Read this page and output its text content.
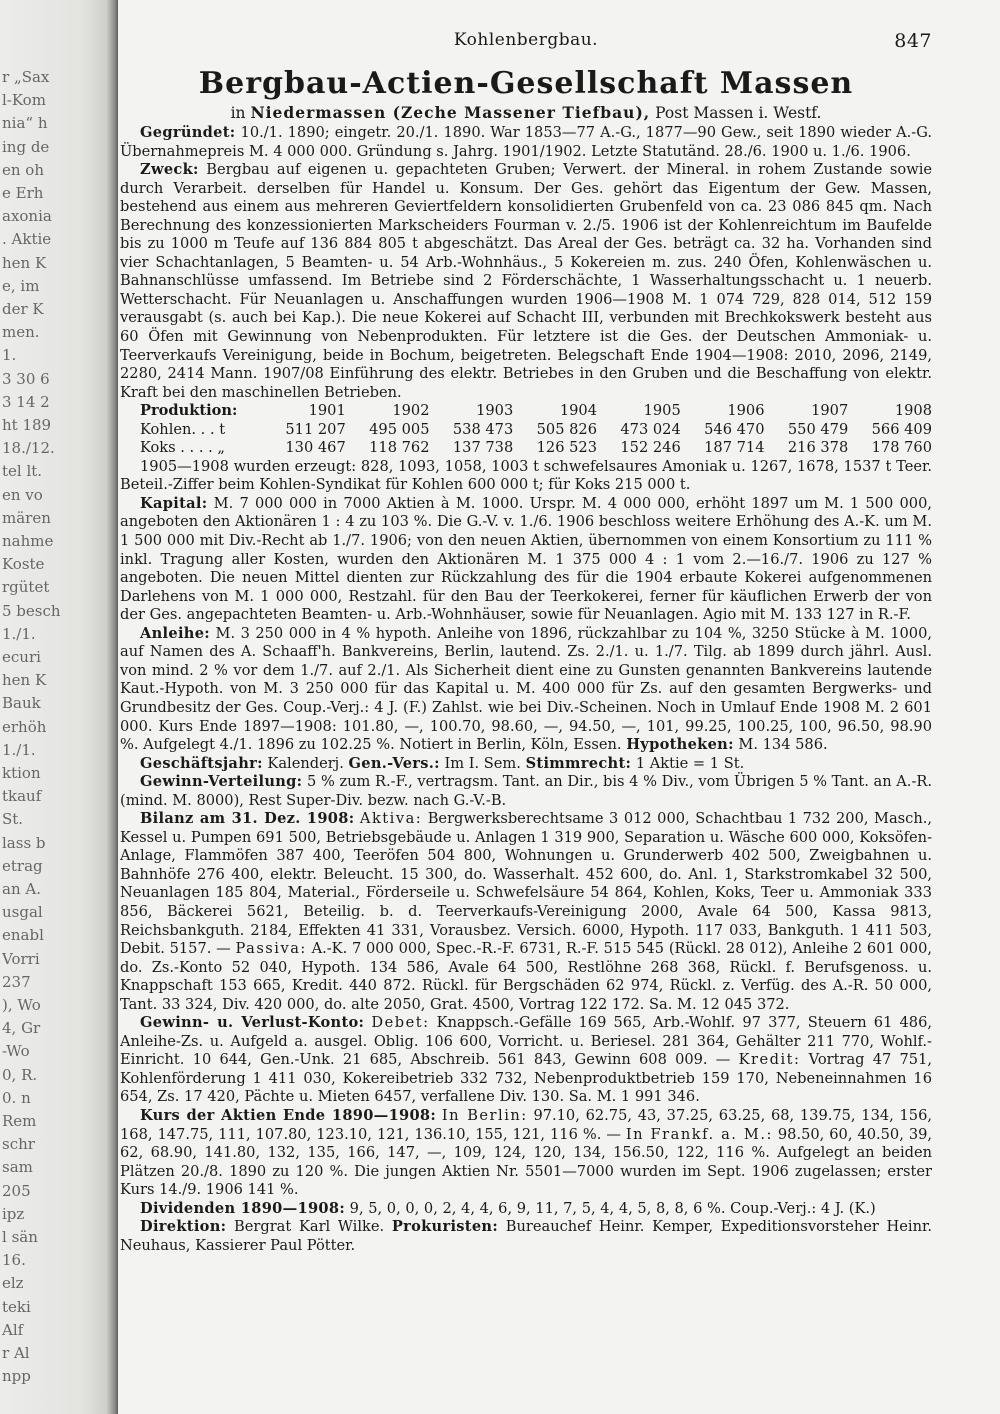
r „Sax
l-Kom
nia“ h
ing de
en oh
e Erh
axonia
. Aktie
hen K
e, im
der K
men.
1.
3 30 6
3 14 2
ht 189
18./12.
tel lt.
en vo
mären
nahme
Koste
rgütet
5 besch
1./1.
ecuri
hen K
Bauk
erhöh
1./1.
ktion
tkauf
St.
lass b
etrag
an A.
usgal
enabl
Vorri
237
), Wo
4, Gr
-Wo
0, R.
0. n
Rem
schr
sam
205
ipz
l sän
16.
elz
teki
Alf
r Al
npp
Kohlenbergbau.	847
Bergbau-Actien-Gesellschaft Massen
in Niedermassen (Zeche Massener Tiefbau), Post Massen i. Westf.

Gegründet: 10./1. 1890; eingetr. 20./1. 1890. War 1853—77 A.-G., 1877—90 Gew., seit 1890 wieder A.-G. Übernahmepreis M. 4 000 000. Gründung s. Jahrg. 1901/1902. Letzte Statutänd. 28./6. 1900 u. 1./6. 1906.

Zweck: Bergbau auf eigenen u. gepachteten Gruben; Verwert. der Mineral. in rohem Zustande sowie durch Verarbeit. derselben für Handel u. Konsum. Der Ges. gehört das Eigentum der Gew. Massen, bestehend aus einem aus mehreren Geviertfeldern konsolidierten Grubenfeld von ca. 23 086 845 qm. Nach Berechnung des konzessionierten Markscheiders Fourman v. 2./5. 1906 ist der Kohlenreichtum im Baufelde bis zu 1000 m Teufe auf 136 884 805 t abgeschätzt. Das Areal der Ges. beträgt ca. 32 ha. Vorhanden sind vier Schachtanlagen, 5 Beamten- u. 54 Arb.-Wohnhäus., 5 Kokereien m. zus. 240 Öfen, Kohlenwäschen u. Bahnanschlüsse umfassend. Im Betriebe sind 2 Förderschächte, 1 Wasserhaltungsschacht u. 1 neuerb. Wetterschacht. Für Neuanlagen u. Anschaffungen wurden 1906—1908 M. 1 074 729, 828 014, 512 159 verausgabt (s. auch bei Kap.). Die neue Kokerei auf Schacht III, verbunden mit Brechkokswerk besteht aus 60 Öfen mit Gewinnung von Nebenprodukten. Für letztere ist die Ges. der Deutschen Ammoniak- u. Teerverkaufs Vereinigung, beide in Bochum, beigetreten. Belegschaft Ende 1904—1908: 2010, 2096, 2149, 2280, 2414 Mann. 1907/08 Einführung des elektr. Betriebes in den Gruben und die Beschaffung von elektr. Kraft bei den maschinellen Betrieben.

Produktion:	1901	1902	1903	1904	1905	1906	1907	1908
Kohlen. . . t	511 207	495 005	538 473	505 826	473 024	546 470	550 479	566 409
Koks . . . . „	130 467	118 762	137 738	126 523	152 246	187 714	216 378	178 760

1905—1908 wurden erzeugt: 828, 1093, 1058, 1003 t schwefelsaures Amoniak u. 1267, 1678, 1537 t Teer. Beteil.-Ziffer beim Kohlen-Syndikat für Kohlen 600 000 t; für Koks 215 000 t.

Kapital: M. 7 000 000 in 7000 Aktien à M. 1000. Urspr. M. 4 000 000, erhöht 1897 um M. 1 500 000, angeboten den Aktionären 1 : 4 zu 103 %. Die G.-V. v. 1./6. 1906 beschloss weitere Erhöhung des A.-K. um M. 1 500 000 mit Div.-Recht ab 1./7. 1906; von den neuen Aktien, übernommen von einem Konsortium zu 111 % inkl. Tragung aller Kosten, wurden den Aktionären M. 1 375 000 4 : 1 vom 2.—16./7. 1906 zu 127 % angeboten. Die neuen Mittel dienten zur Rückzahlung des für die 1904 erbaute Kokerei aufgenommenen Darlehens von M. 1 000 000, Restzahl. für den Bau der Teerkokerei, ferner für käuflichen Erwerb der von der Ges. angepachteten Beamten- u. Arb.-Wohnhäuser, sowie für Neuanlagen. Agio mit M. 133 127 in R.-F.

Anleihe: M. 3 250 000 in 4 % hypoth. Anleihe von 1896, rückzahlbar zu 104 %, 3250 Stücke à M. 1000, auf Namen des A. Schaaff'h. Bankvereins, Berlin, lautend. Zs. 2./1. u. 1./7. Tilg. ab 1899 durch jährl. Ausl. von mind. 2 % vor dem 1./7. auf 2./1. Als Sicherheit dient eine zu Gunsten genannten Bankvereins lautende Kaut.-Hypoth. von M. 3 250 000 für das Kapital u. M. 400 000 für Zs. auf den gesamten Bergwerks- und Grundbesitz der Ges. Coup.-Verj.: 4 J. (F.) Zahlst. wie bei Div.-Scheinen. Noch in Umlauf Ende 1908 M. 2 601 000. Kurs Ende 1897—1908: 101.80, —, 100.70, 98.60, —, 94.50, —, 101, 99.25, 100.25, 100, 96.50, 98.90 %. Aufgelegt 4./1. 1896 zu 102.25 %. Notiert in Berlin, Köln, Essen. Hypotheken: M. 134 586.

Geschäftsjahr: Kalenderj. Gen.-Vers.: Im I. Sem. Stimmrecht: 1 Aktie = 1 St.

Gewinn-Verteilung: 5 % zum R.-F., vertragsm. Tant. an Dir., bis 4 % Div., vom Übrigen 5 % Tant. an A.-R. (mind. M. 8000), Rest Super-Div. bezw. nach G.-V.-B.

Bilanz am 31. Dez. 1908: Aktiva: Bergwerksberechtsame 3 012 000, Schachtbau 1 732 200, Masch., Kessel u. Pumpen 691 500, Betriebsgebäude u. Anlagen 1 319 900, Separation u. Wäsche 600 000, Koksöfen-Anlage, Flammöfen 387 400, Teeröfen 504 800, Wohnungen u. Grunderwerb 402 500, Zweigbahnen u. Bahnhöfe 276 400, elektr. Beleucht. 15 300, do. Wasserhalt. 452 600, do. Anl. 1, Starkstromkabel 32 500, Neuanlagen 185 804, Material., Förderseile u. Schwefelsäure 54 864, Kohlen, Koks, Teer u. Ammoniak 333 856, Bäckerei 5621, Beteilig. b. d. Teerverkaufs-Vereinigung 2000, Avale 64 500, Kassa 9813, Reichsbankguth. 2184, Effekten 41 331, Vorausbez. Versich. 6000, Hypoth. 117 033, Bankguth. 1 411 503, Debit. 5157. — Passiva: A.-K. 7 000 000, Spec.-R.-F. 6731, R.-F. 515 545 (Rückl. 28 012), Anleihe 2 601 000, do. Zs.-Konto 52 040, Hypoth. 134 586, Avale 64 500, Restlöhne 268 368, Rückl. f. Berufsgenoss. u. Knappschaft 153 665, Kredit. 440 872. Rückl. für Bergschäden 62 974, Rückl. z. Verfüg. des A.-R. 50 000, Tant. 33 324, Div. 420 000, do. alte 2050, Grat. 4500, Vortrag 122 172. Sa. M. 12 045 372.

Gewinn- u. Verlust-Konto: Debet: Knappsch.-Gefälle 169 565, Arb.-Wohlf. 97 377, Steuern 61 486, Anleihe-Zs. u. Aufgeld a. ausgel. Oblig. 106 600, Vorricht. u. Beriesel. 281 364, Gehälter 211 770, Wohlf.-Einricht. 10 644, Gen.-Unk. 21 685, Abschreib. 561 843, Gewinn 608 009. — Kredit: Vortrag 47 751, Kohlenförderung 1 411 030, Kokereibetrieb 332 732, Nebenproduktbetrieb 159 170, Nebeneinnahmen 16 654, Zs. 17 420, Pächte u. Mieten 6457, verfallene Div. 130. Sa. M. 1 991 346.

Kurs der Aktien Ende 1890—1908: In Berlin: 97.10, 62.75, 43, 37.25, 63.25, 68, 139.75, 134, 156, 168, 147.75, 111, 107.80, 123.10, 121, 136.10, 155, 121, 116 %. — In Frankf. a. M.: 98.50, 60, 40.50, 39, 62, 68.90, 141.80, 132, 135, 166, 147, —, 109, 124, 120, 134, 156.50, 122, 116 %. Aufgelegt an beiden Plätzen 20./8. 1890 zu 120 %. Die jungen Aktien Nr. 5501—7000 wurden im Sept. 1906 zugelassen; erster Kurs 14./9. 1906 141 %.

Dividenden 1890—1908: 9, 5, 0, 0, 0, 2, 4, 4, 6, 9, 11, 7, 5, 4, 4, 5, 8, 8, 6 %. Coup.-Verj.: 4 J. (K.)

Direktion: Bergrat Karl Wilke. Prokuristen: Bureauchef Heinr. Kemper, Expeditionsvorsteher Heinr. Neuhaus, Kassierer Paul Pötter.
